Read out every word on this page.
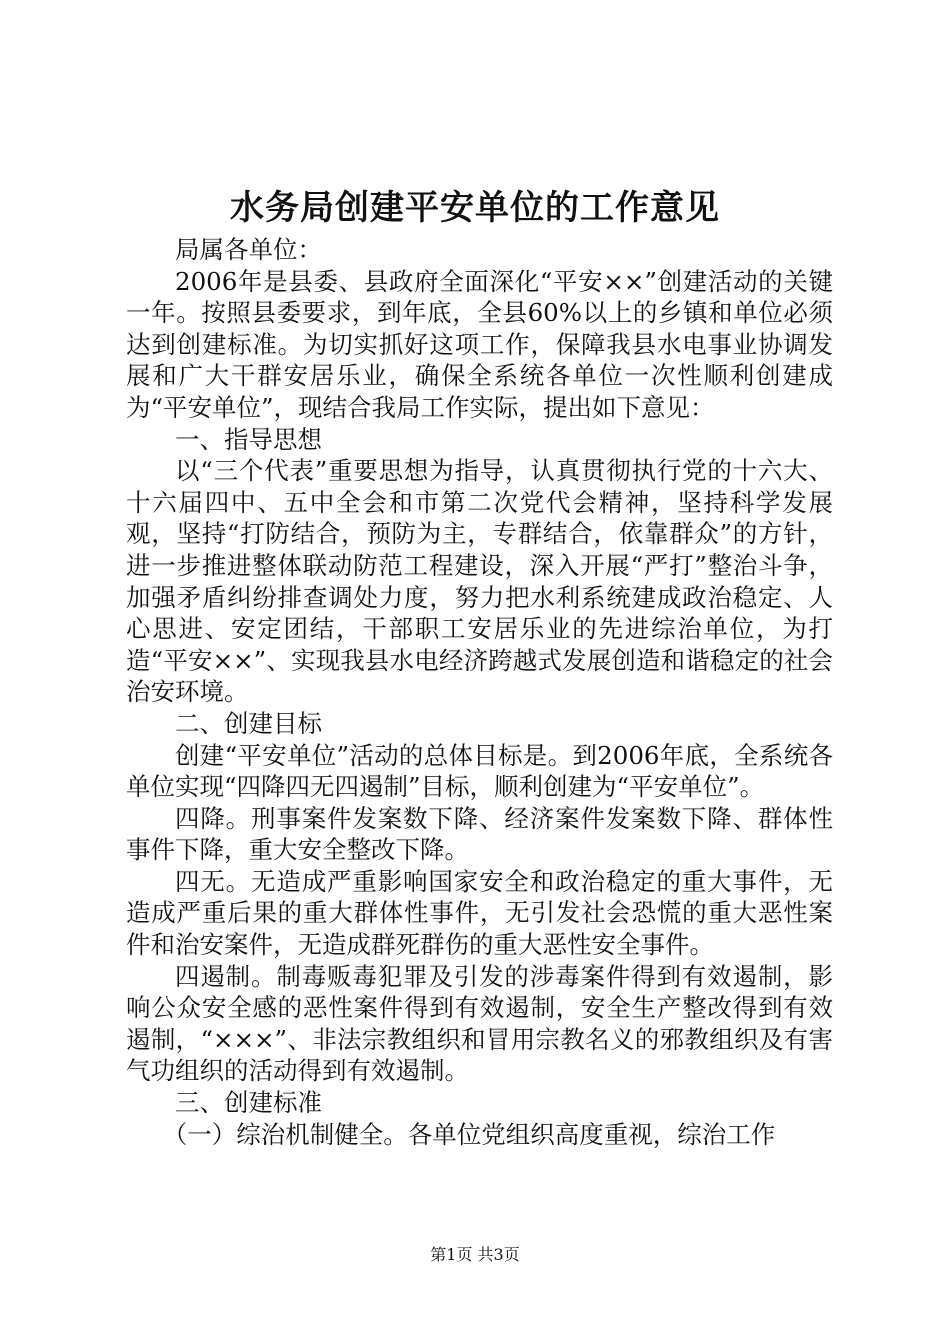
水务局创建平安单位的工作意见

局属各单位：

2006年是县委、县政府全面深化“平安××”创建活动的关键一年。按照县委要求，到年底，全县60%以上的乡镇和单位必须达到创建标准。为切实抓好这项工作，保障我县水电事业协调发展和广大干群安居乐业，确保全系统各单位一次性顺利创建成为“平安单位”，现结合我局工作实际，提出如下意见：

一、指导思想

以“三个代表”重要思想为指导，认真贯彻执行党的十六大、十六届四中、五中全会和市第二次党代会精神，坚持科学发展观，坚持“打防结合，预防为主，专群结合，依靠群众”的方针，进一步推进整体联动防范工程建设，深入开展“严打”整治斗争，加强矛盾纠纷排查调处力度，努力把水利系统建成政治稳定、人心思进、安定团结，干部职工安居乐业的先进综治单位，为打造“平安××”、实现我县水电经济跨越式发展创造和谐稳定的社会治安环境。

二、创建目标

创建“平安单位”活动的总体目标是。到2006年底，全系统各单位实现“四降四无四遏制”目标，顺利创建为“平安单位”。

四降。刑事案件发案数下降、经济案件发案数下降、群体性事件下降，重大安全整改下降。

四无。无造成严重影响国家安全和政治稳定的重大事件，无造成严重后果的重大群体性事件，无引发社会恐慌的重大恶性案件和治安案件，无造成群死群伤的重大恶性安全事件。

四遏制。制毒贩毒犯罪及引发的涉毒案件得到有效遏制，影响公众安全感的恶性案件得到有效遏制，安全生产整改得到有效遏制，“×××”、非法宗教组织和冒用宗教名义的邪教组织及有害气功组织的活动得到有效遏制。

三、创建标准

（一）综治机制健全。各单位党组织高度重视，综治工作

第1页 共3页
